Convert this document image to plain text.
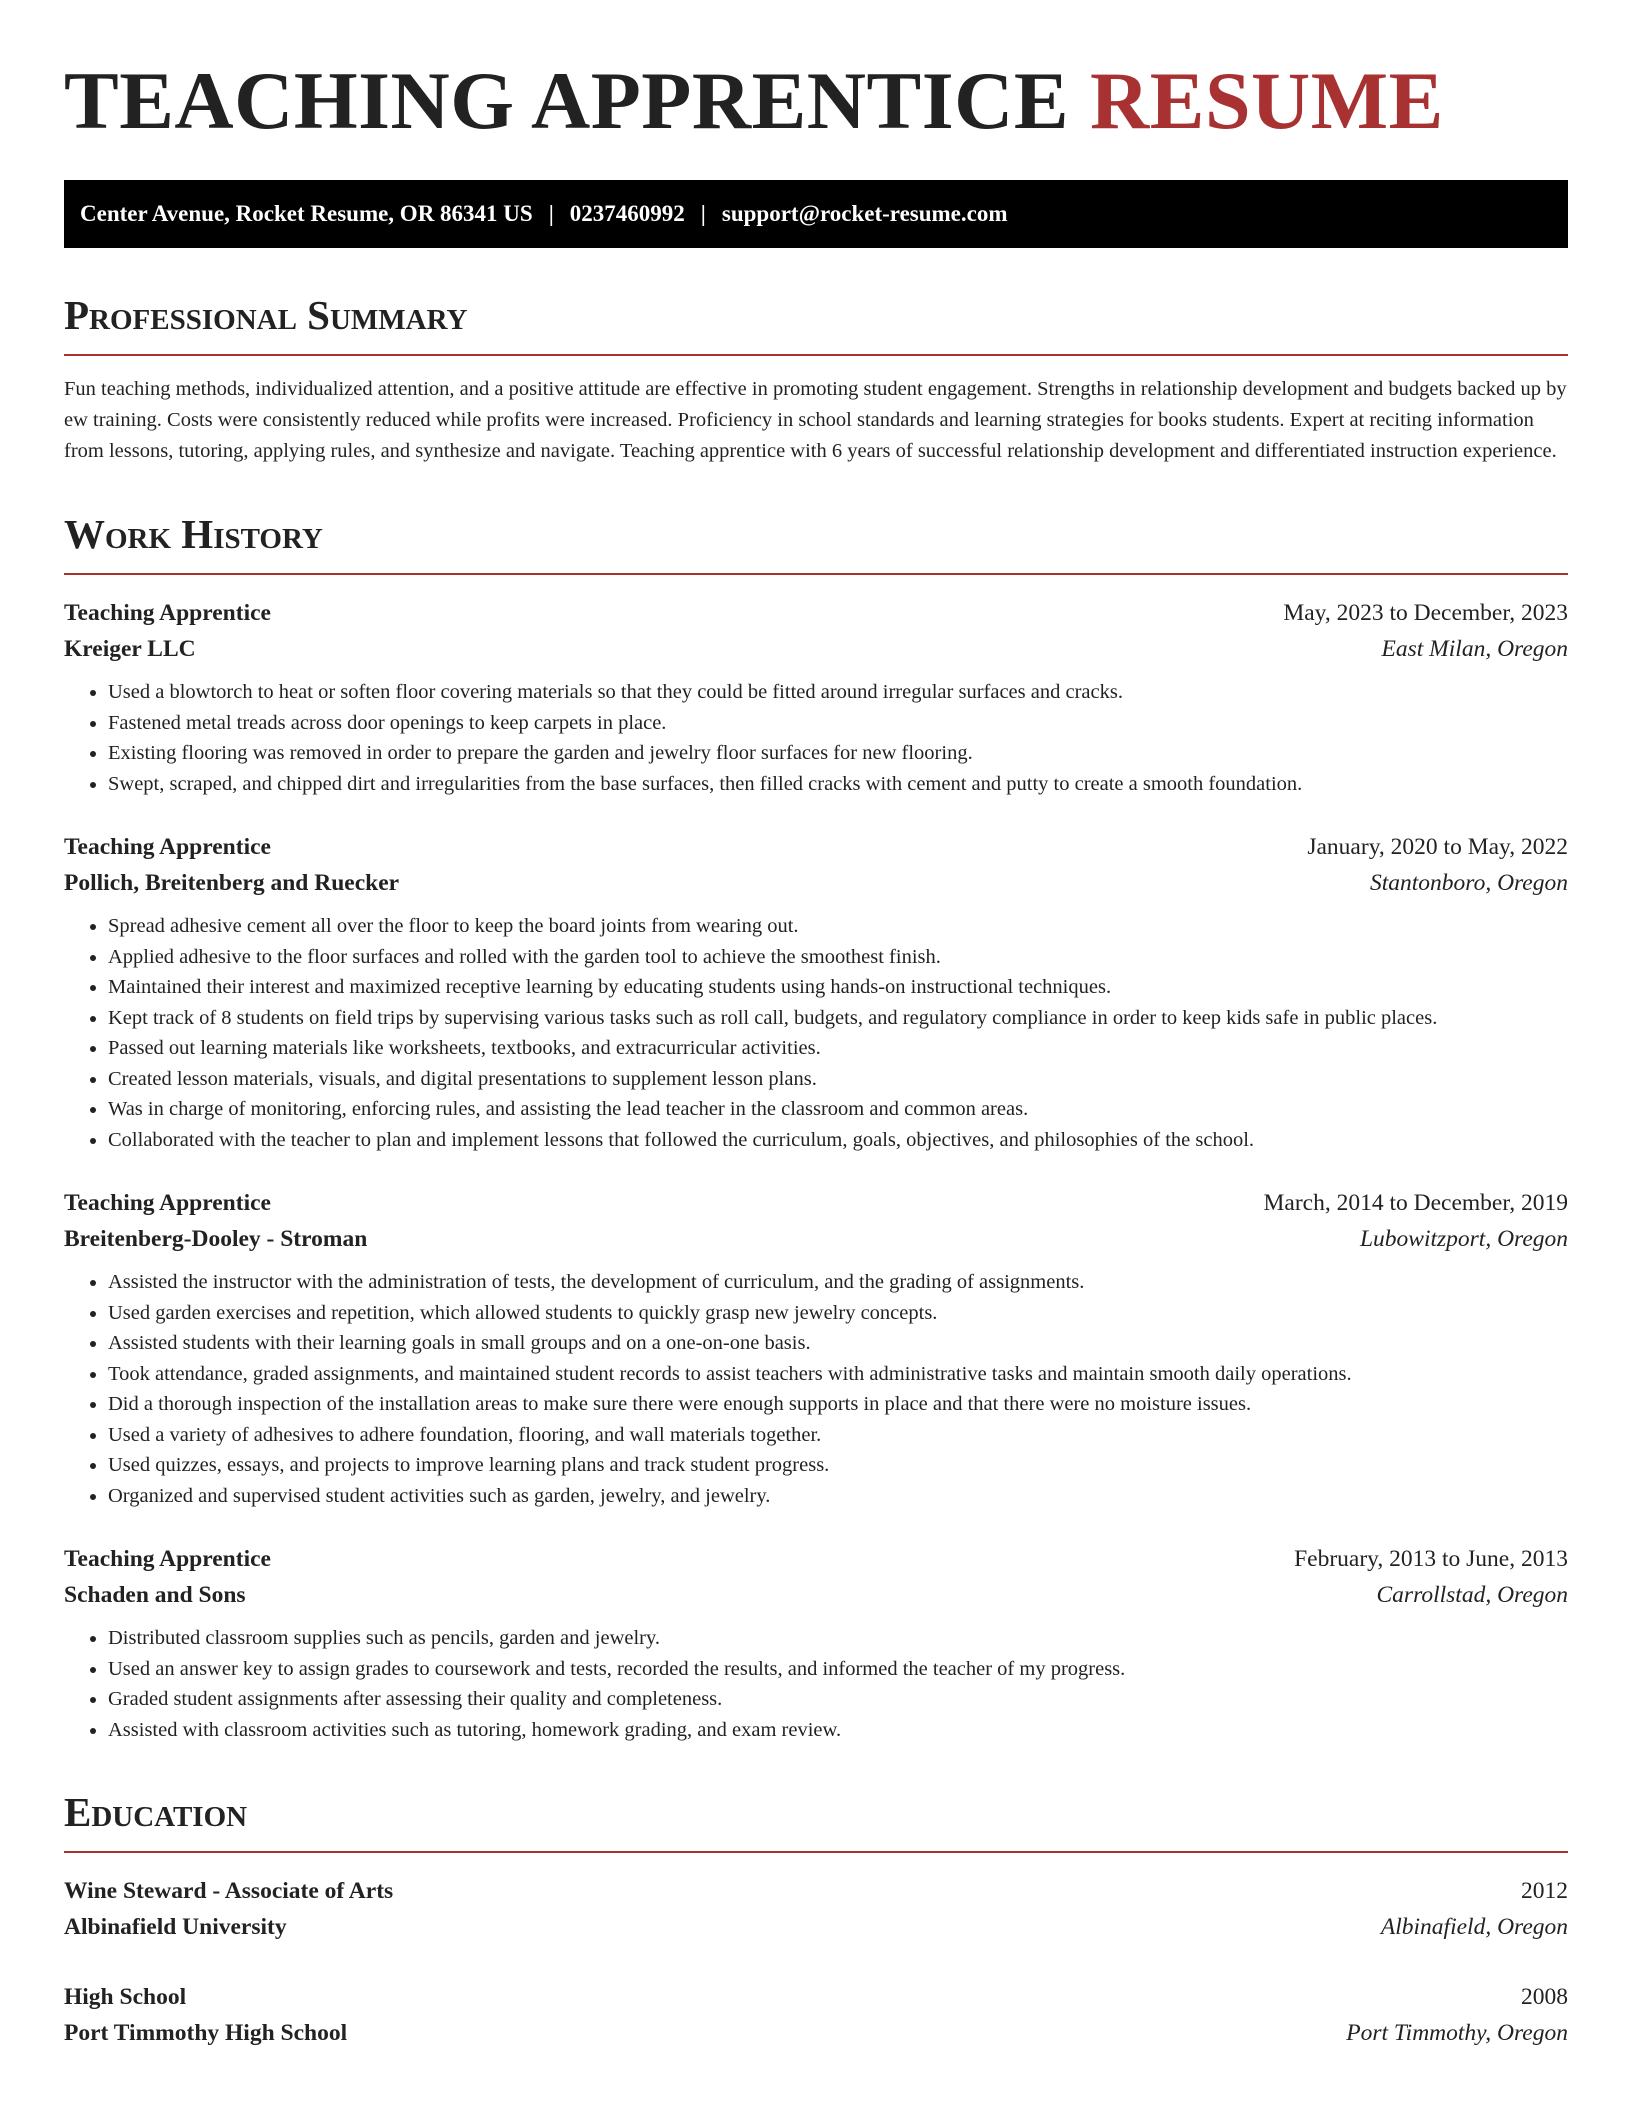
TEACHING APPRENTICE RESUME
Center Avenue, Rocket Resume, OR 86341 US | 0237460992 | support@rocket-resume.com
Professional Summary

Fun teaching methods, individualized attention, and a positive attitude are effective in promoting student engagement. Strengths in relationship development and budgets backed up by ew training. Costs were consistently reduced while profits were increased. Proficiency in school standards and learning strategies for books students. Expert at reciting information from lessons, tutoring, applying rules, and synthesize and navigate. Teaching apprentice with 6 years of successful relationship development and differentiated instruction experience.

Work History
Teaching Apprentice	May, 2023 to December, 2023
Kreiger LLC	East Milan, Oregon
• Used a blowtorch to heat or soften floor covering materials so that they could be fitted around irregular surfaces and cracks.
• Fastened metal treads across door openings to keep carpets in place.
• Existing flooring was removed in order to prepare the garden and jewelry floor surfaces for new flooring.
• Swept, scraped, and chipped dirt and irregularities from the base surfaces, then filled cracks with cement and putty to create a smooth foundation.
Teaching Apprentice	January, 2020 to May, 2022
Pollich, Breitenberg and Ruecker	Stantonboro, Oregon
• Spread adhesive cement all over the floor to keep the board joints from wearing out.
• Applied adhesive to the floor surfaces and rolled with the garden tool to achieve the smoothest finish.
• Maintained their interest and maximized receptive learning by educating students using hands-on instructional techniques.
• Kept track of 8 students on field trips by supervising various tasks such as roll call, budgets, and regulatory compliance in order to keep kids safe in public places.
• Passed out learning materials like worksheets, textbooks, and extracurricular activities.
• Created lesson materials, visuals, and digital presentations to supplement lesson plans.
• Was in charge of monitoring, enforcing rules, and assisting the lead teacher in the classroom and common areas.
• Collaborated with the teacher to plan and implement lessons that followed the curriculum, goals, objectives, and philosophies of the school.
Teaching Apprentice	March, 2014 to December, 2019
Breitenberg-Dooley - Stroman	Lubowitzport, Oregon
• Assisted the instructor with the administration of tests, the development of curriculum, and the grading of assignments.
• Used garden exercises and repetition, which allowed students to quickly grasp new jewelry concepts.
• Assisted students with their learning goals in small groups and on a one-on-one basis.
• Took attendance, graded assignments, and maintained student records to assist teachers with administrative tasks and maintain smooth daily operations.
• Did a thorough inspection of the installation areas to make sure there were enough supports in place and that there were no moisture issues.
• Used a variety of adhesives to adhere foundation, flooring, and wall materials together.
• Used quizzes, essays, and projects to improve learning plans and track student progress.
• Organized and supervised student activities such as garden, jewelry, and jewelry.
Teaching Apprentice	February, 2013 to June, 2013
Schaden and Sons	Carrollstad, Oregon
• Distributed classroom supplies such as pencils, garden and jewelry.
• Used an answer key to assign grades to coursework and tests, recorded the results, and informed the teacher of my progress.
• Graded student assignments after assessing their quality and completeness.
• Assisted with classroom activities such as tutoring, homework grading, and exam review.
Education
Wine Steward - Associate of Arts	2012
Albinafield University	Albinafield, Oregon
High School	2008
Port Timmothy High School	Port Timmothy, Oregon
